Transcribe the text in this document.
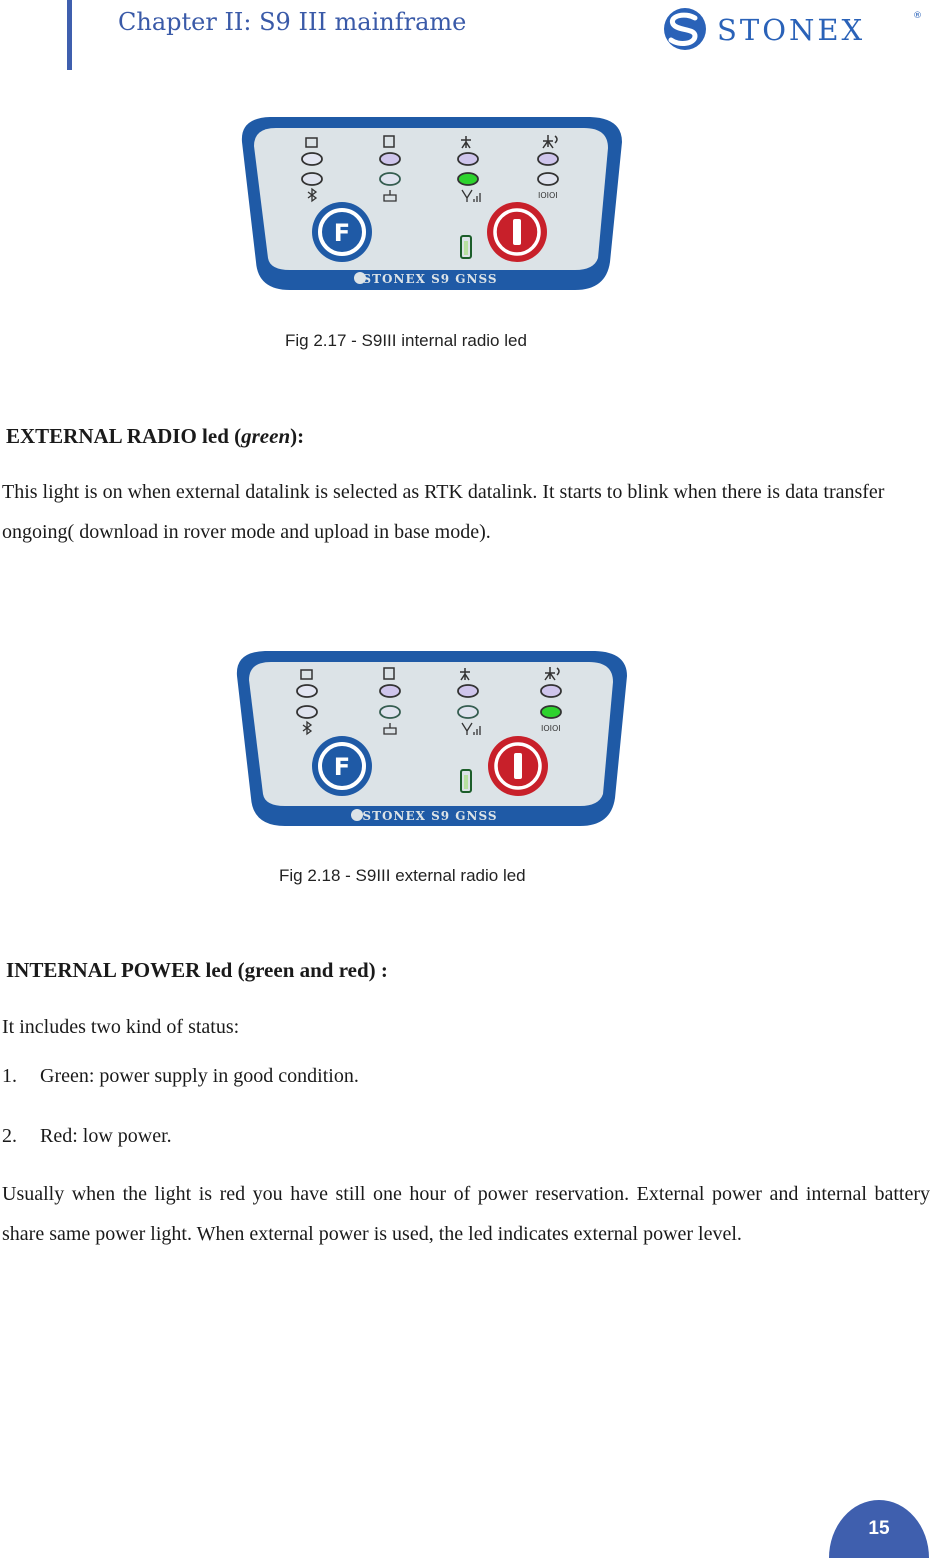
Chapter II: S9 III mainframe	STONEX	®
IOIOI
F
STONEX S9 GNSS
Fig 2.17 - S9III internal radio led
EXTERNAL RADIO led (green):
This light is on when external datalink is selected as RTK datalink. It starts to blink when there is data transfer ongoing( download in rover mode and upload in base mode).
IOIOI
F
STONEX S9 GNSS
Fig 2.18 - S9III external radio led
INTERNAL POWER led (green and red) :
It includes two kind of status:
1. Green: power supply in good condition.
2. Red: low power.
Usually when the light is red you have still one hour of power reservation. External power and internal battery share same power light. When external power is used, the led indicates external power level.
15
